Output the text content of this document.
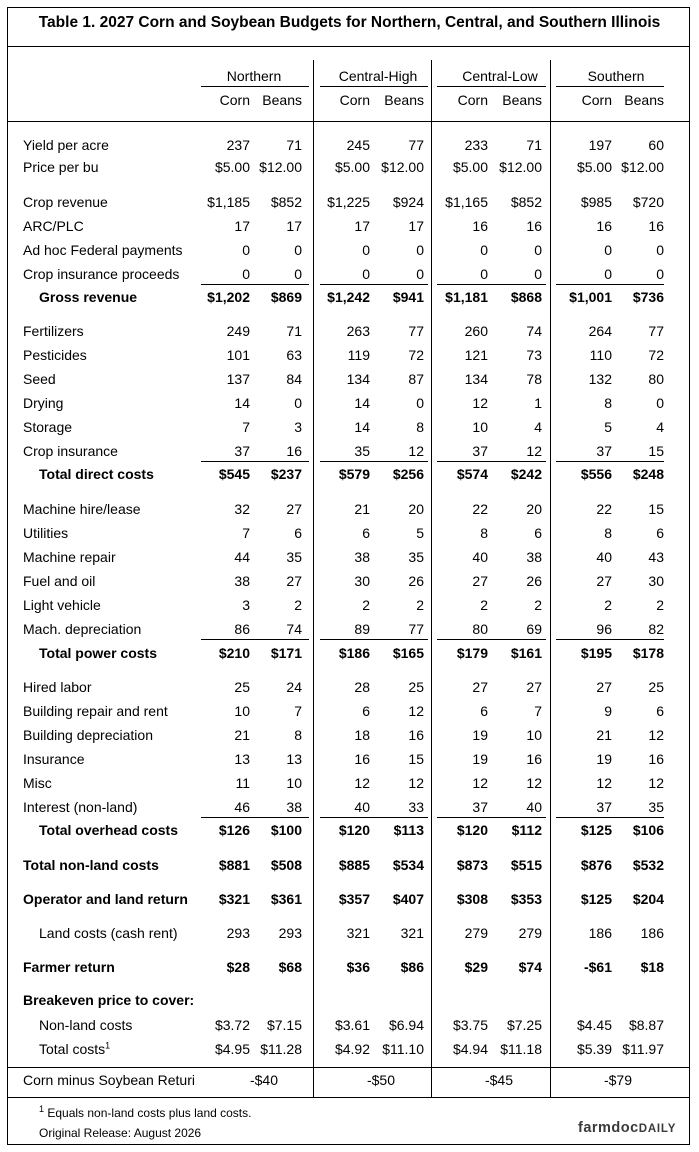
Table 1. 2027 Corn and Soybean Budgets for Northern, Central, and Southern Illinois
Northern
Corn Beans
Central-High
Corn	Beans
Central-Low
Corn	Beans
Southern
Corn Beans
Yield per acre	237	71	245	77	233	71	197	60
Price per bu	$5.00 $12.00	$5.00 $12.00	$5.00 $12.00	$5.00 $12.00
Crop revenue	$1,185	$852	$1,225	$924	$1,165	$852	$985	$720
ARC/PLC	17	17	17	17	16	16	16	16
Ad hoc Federal payments	0	0	0	0	0	0	0	0
Crop insurance proceeds	0	0	0	0	0	0	0	0
Gross revenue	$1,202	$869	$1,242	$941	$1,181	$868	$1,001	$736
Fertilizers	249	71	263	77	260	74	264	77
Pesticides	101	63	119	72	121	73	110	72
Seed	137	84	134	87	134	78	132	80
Drying	14	0	14	0	12	1	8	0
Storage	7	3	14	8	10	4	5	4
Crop insurance	37	16	35	12	37	12	37	15
Total direct costs	$545	$237	$579	$256	$574	$242	$556	$248
Machine hire/lease	32	27	21	20	22	20	22	15
Utilities	7	6	6	5	8	6	8	6
Machine repair	44	35	38	35	40	38	40	43
Fuel and oil	38	27	30	26	27	26	27	30
Light vehicle	3	2	2	2	2	2	2	2
Mach. depreciation	86	74	89	77	80	69	96	82
Total power costs	$210	$171	$186	$165	$179	$161	$195	$178
Hired labor	25	24	28	25	27	27	27	25
Building repair and rent	10	7	6	12	6	7	9	6
Building depreciation	21	8	18	16	19	10	21	12
Insurance	13	13	16	15	19	16	19	16
Misc	11	10	12	12	12	12	12	12
Interest (non-land)	46	38	40	33	37	40	37	35
Total overhead costs	$126	$100	$120	$113	$120	$112	$125	$106
Total non-land costs	$881	$508	$885	$534	$873	$515	$876	$532
Operator and land return	$321	$361	$357	$407	$308	$353	$125	$204
Land costs (cash rent)	293	293	321	321	279	279	186	186
Farmer return	$28	$68	$36	$86	$29	$74	-$61	$18
Breakeven price to cover:
Non-land costs	$3.72	$7.15	$3.61	$6.94	$3.75	$7.25	$4.45	$8.87
Total costs$^1$	$4.95 $11.28	$4.92 $11.10	$4.94 $11.18	$5.39 $11.97
Corn minus Soybean Returi	-$40	-$50	-$45	-$79
$^1$ Equals non-land costs plus land costs.
Original Release: August 2026	farmdocDAILY
